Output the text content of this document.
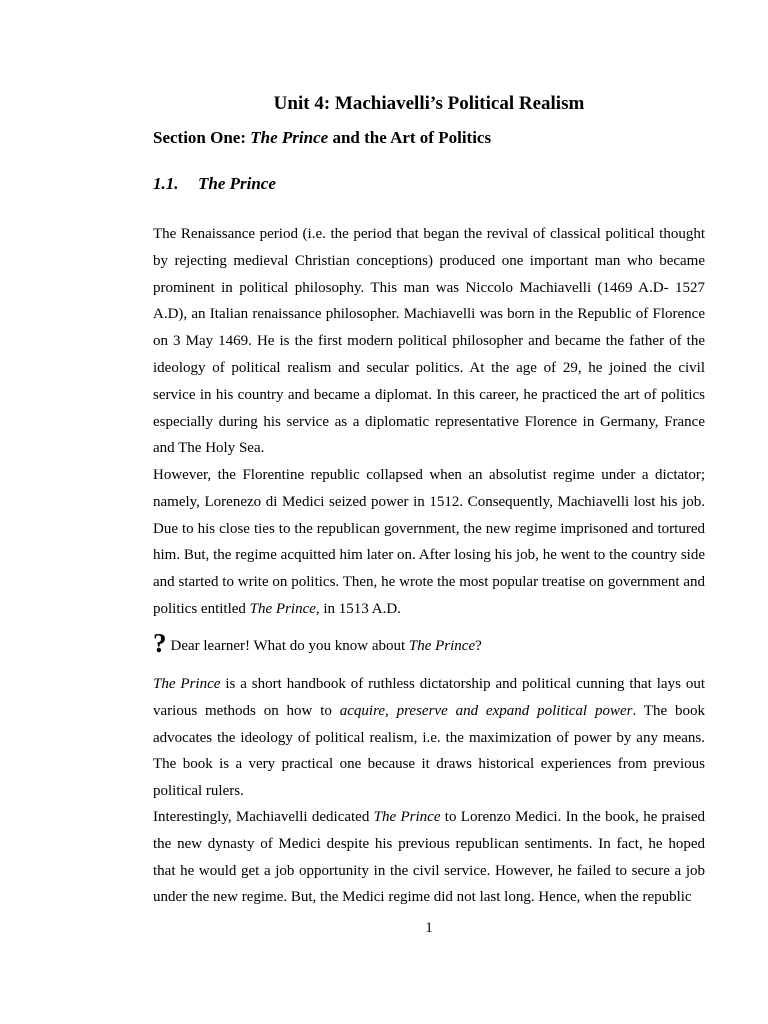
Unit 4: Machiavelli’s Political Realism
Section One: The Prince and the Art of Politics
1.1. The Prince

The Renaissance period (i.e. the period that began the revival of classical political thought by rejecting medieval Christian conceptions) produced one important man who became prominent in political philosophy. This man was Niccolo Machiavelli (1469 A.D- 1527 A.D), an Italian renaissance philosopher. Machiavelli was born in the Republic of Florence on 3 May 1469. He is the first modern political philosopher and became the father of the ideology of political realism and secular politics. At the age of 29, he joined the civil service in his country and became a diplomat. In this career, he practiced the art of politics especially during his service as a diplomatic representative Florence in Germany, France and The Holy Sea.

However, the Florentine republic collapsed when an absolutist regime under a dictator; namely, Lorenezo di Medici seized power in 1512. Consequently, Machiavelli lost his job. Due to his close ties to the republican government, the new regime imprisoned and tortured him. But, the regime acquitted him later on. After losing his job, he went to the country side and started to write on politics. Then, he wrote the most popular treatise on government and politics entitled The Prince, in 1513 A.D.

? Dear learner! What do you know about The Prince?

The Prince is a short handbook of ruthless dictatorship and political cunning that lays out various methods on how to acquire, preserve and expand political power. The book advocates the ideology of political realism, i.e. the maximization of power by any means. The book is a very practical one because it draws historical experiences from previous political rulers.

Interestingly, Machiavelli dedicated The Prince to Lorenzo Medici. In the book, he praised the new dynasty of Medici despite his previous republican sentiments. In fact, he hoped that he would get a job opportunity in the civil service. However, he failed to secure a job under the new regime. But, the Medici regime did not last long. Hence, when the republic

1
